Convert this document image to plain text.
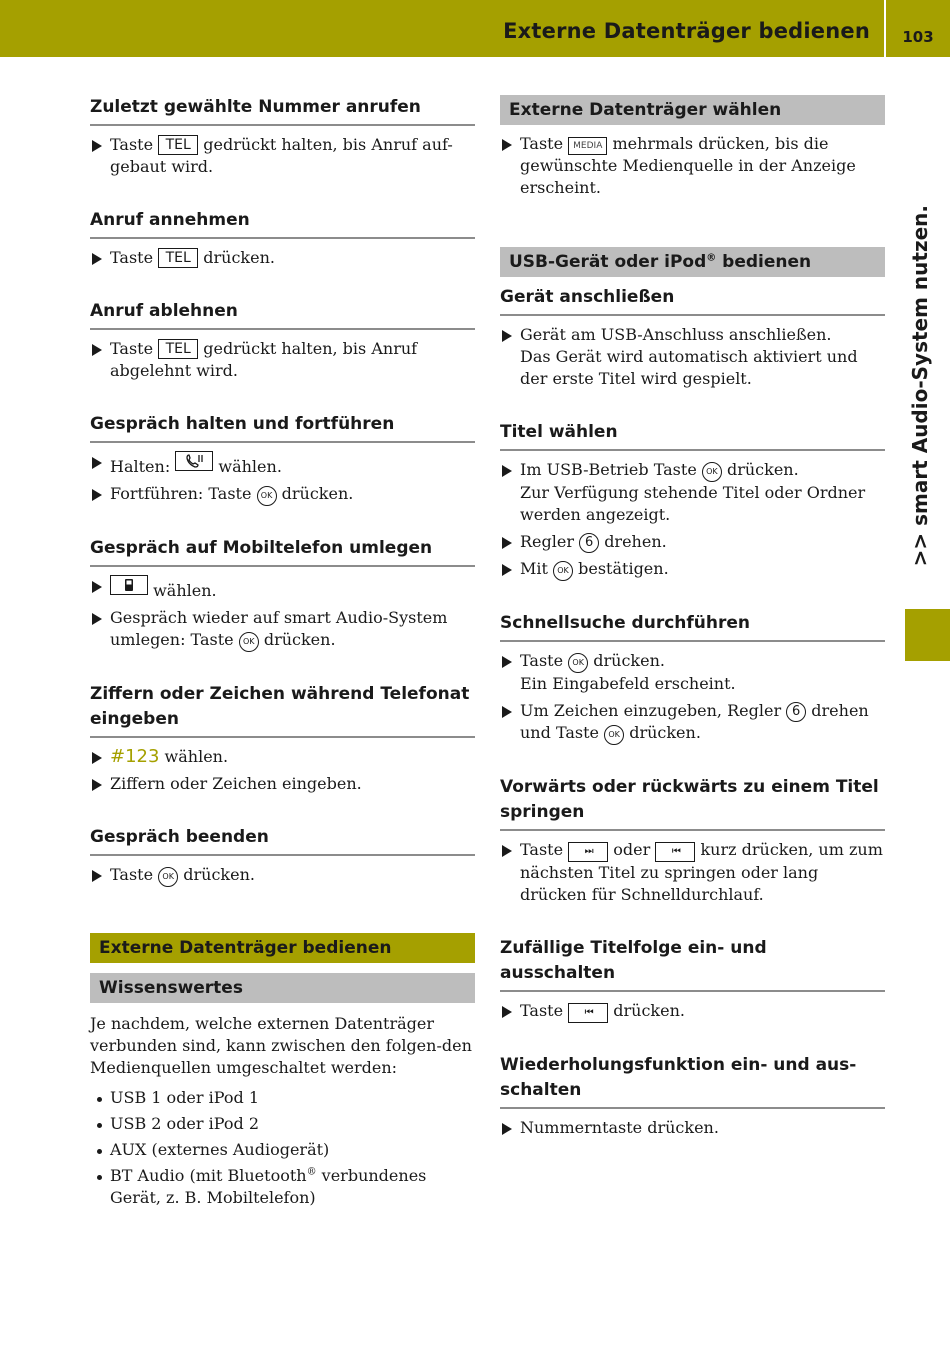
Externe Datenträger bedienen	103
>> smart Audio-System nutzen.
Zuletzt gewählte Nummer anrufen
Taste TEL gedrückt halten, bis Anruf auf-gebaut wird.
Anruf annehmen
Taste TEL drücken.
Anruf ablehnen
Taste TEL gedrückt halten, bis Anruf abgelehnt wird.
Gespräch halten und fortführen
Halten:	wählen.
Fortführen: Taste OK drücken.
Gespräch auf Mobiltelefon umlegen
wählen.
Gespräch wieder auf smart Audio-System umlegen: Taste OK drücken.
Ziffern oder Zeichen während Telefonat eingeben
#123 wählen.
Ziffern oder Zeichen eingeben.
Gespräch beenden
Taste OK drücken.
Externe Datenträger bedienen
Wissenswertes
Je nachdem, welche externen Datenträger verbunden sind, kann zwischen den folgen-den Medienquellen umgeschaltet werden:
USB 1 oder iPod 1
USB 2 oder iPod 2
AUX (externes Audiogerät)
BT Audio (mit Bluetooth® verbundenes Gerät, z. B. Mobiltelefon)
Externe Datenträger wählen
Taste MEDIA mehrmals drücken, bis die gewünschte Medienquelle in der Anzeige erscheint.
USB-Gerät oder iPod® bedienen
Gerät anschließen
Gerät am USB-Anschluss anschließen.
Das Gerät wird automatisch aktiviert und der erste Titel wird gespielt.
Titel wählen
Im USB-Betrieb Taste OK drücken.
Zur Verfügung stehende Titel oder Ordner werden angezeigt.
Regler 6 drehen.
Mit OK bestätigen.
Schnellsuche durchführen
Taste OK drücken.
Ein Eingabefeld erscheint.
Um Zeichen einzugeben, Regler 6 drehen und Taste OK drücken.
Vorwärts oder rückwärts zu einem Titel springen
Taste ⏭ oder ⏮ kurz drücken, um zum nächsten Titel zu springen oder lang drücken für Schnelldurchlauf.
Zufällige Titelfolge ein- und ausschalten
Taste ⏮ drücken.
Wiederholungsfunktion ein- und aus-schalten
Nummerntaste drücken.
